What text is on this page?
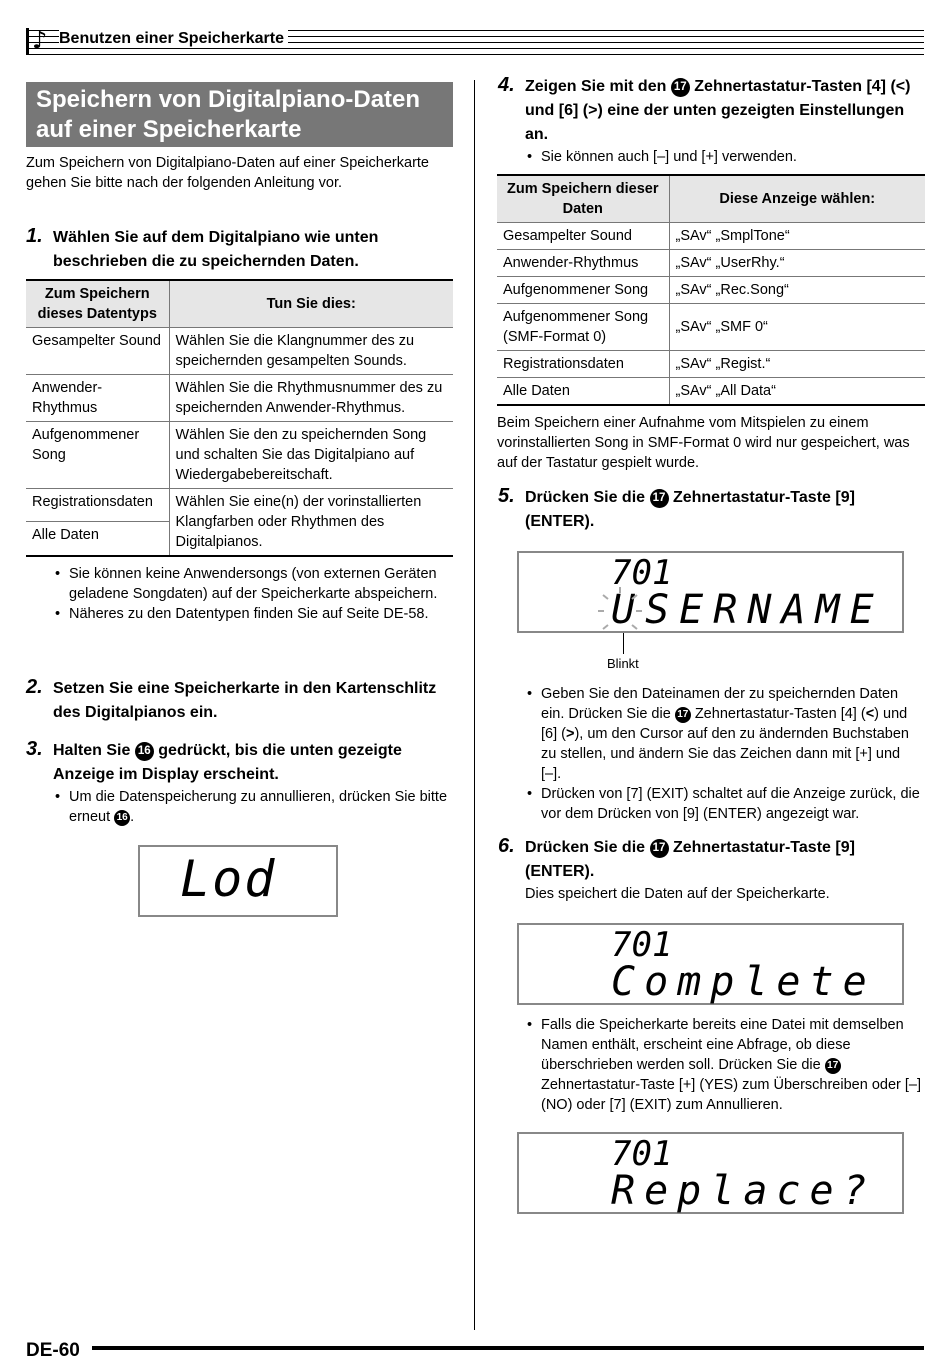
♪ Benutzen einer Speicherkarte
Speichern von Digitalpiano-Daten auf einer Speicherkarte

Zum Speichern von Digitalpiano-Daten auf einer Speicherkarte gehen Sie bitte nach der folgenden Anleitung vor.

1. Wählen Sie auf dem Digitalpiano wie unten beschrieben die zu speichernden Daten.
Zum Speichern dieses Datentyps	Tun Sie dies:
Gesampelter Sound	Wählen Sie die Klangnummer des zu speichernden gesampelten Sounds.
Anwender-Rhythmus	Wählen Sie die Rhythmusnummer des zu speichernden Anwender-Rhythmus.
Aufgenommener Song	Wählen Sie den zu speichernden Song und schalten Sie das Digitalpiano auf Wiedergabebereitschaft.
Registrationsdaten	Wählen Sie eine(n) der vorinstallierten Klangfarben oder Rhythmen des Digitalpianos.
Alle Daten	
• Sie können keine Anwendersongs (von externen Geräten geladene Songdaten) auf der Speicherkarte abspeichern.
• Näheres zu den Datentypen finden Sie auf Seite DE-58.
2. Setzen Sie eine Speicherkarte in den Kartenschlitz des Digitalpianos ein.
3. Halten Sie 16 gedrückt, bis die unten gezeigte Anzeige im Display erscheint.
• Um die Datenspeicherung zu annullieren, drücken Sie bitte erneut 16 .
Lod
4. Zeigen Sie mit den 17 Zehnertastatur-Tasten [4] (<) und [6] (>) eine der unten gezeigten Einstellungen an.
• Sie können auch [–] und [+] verwenden.
Zum Speichern dieser Daten	Diese Anzeige wählen:
Gesampelter Sound	„SAv“ „SmplTone“
Anwender-Rhythmus	„SAv“ „UserRhy.“
Aufgenommener Song	„SAv“ „Rec.Song“
Aufgenommener Song (SMF-Format 0)	„SAv“ „SMF 0“
Registrationsdaten	„SAv“ „Regist.“
Alle Daten	„SAv“ „All Data“

Beim Speichern einer Aufnahme vom Mitspielen zu einem vorinstallierten Song in SMF-Format 0 wird nur gespeichert, was auf der Tastatur gespielt wurde.

5. Drücken Sie die 17 Zehnertastatur-Taste [9] (ENTER).
701
USERNAME
Blinkt
• Geben Sie den Dateinamen der zu speichernden Daten ein. Drücken Sie die 17 Zehnertastatur-Tasten [4] (<) und [6] (>), um den Cursor auf den zu ändernden Buchstaben zu stellen, und ändern Sie das Zeichen dann mit [+] und [–].
• Drücken von [7] (EXIT) schaltet auf die Anzeige zurück, die vor dem Drücken von [9] (ENTER) angezeigt war.
6. Drücken Sie die 17 Zehnertastatur-Taste [9] (ENTER).

Dies speichert die Daten auf der Speicherkarte.

701
Complete
• Falls die Speicherkarte bereits eine Datei mit demselben Namen enthält, erscheint eine Abfrage, ob diese überschrieben werden soll. Drücken Sie die 17 Zehnertastatur-Taste [+] (YES) zum Überschreiben oder [–] (NO) oder [7] (EXIT) zum Annullieren.
701
Replace?
DE-60
